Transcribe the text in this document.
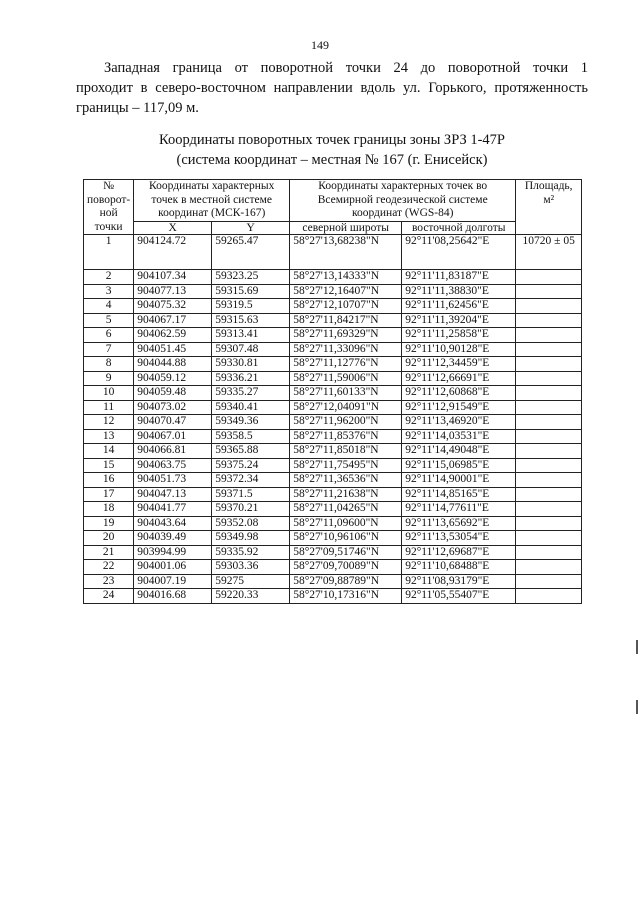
149
Западная граница от поворотной точки 24 до поворотной точки 1
проходит в северо-восточном направлении вдоль ул. Горького, протяженность
границы – 117,09 м.
Координаты поворотных точек границы зоны ЗРЗ 1-47Р
(система координат – местная № 167 (г. Енисейск)
№ поворот-ной точки	Координаты характерных точек в местной системе координат (МСК-167)		Координаты характерных точек во Всемирной геодезической системе координат (WGS-84)		Площадь, м²
	X	Y	северной широты	восточной долготы	
1	904124.72	59265.47	58°27'13,68238"N	92°11'08,25642"E	10720 ± 05
2	904107.34	59323.25	58°27'13,14333"N	92°11'11,83187"E	
3	904077.13	59315.69	58°27'12,16407"N	92°11'11,38830"E	
4	904075.32	59319.5	58°27'12,10707"N	92°11'11,62456"E	
5	904067.17	59315.63	58°27'11,84217"N	92°11'11,39204"E	
6	904062.59	59313.41	58°27'11,69329"N	92°11'11,25858"E	
7	904051.45	59307.48	58°27'11,33096"N	92°11'10,90128"E	
8	904044.88	59330.81	58°27'11,12776"N	92°11'12,34459"E	
9	904059.12	59336.21	58°27'11,59006"N	92°11'12,66691"E	
10	904059.48	59335.27	58°27'11,60133"N	92°11'12,60868"E	
11	904073.02	59340.41	58°27'12,04091"N	92°11'12,91549"E	
12	904070.47	59349.36	58°27'11,96200"N	92°11'13,46920"E	
13	904067.01	59358.5	58°27'11,85376"N	92°11'14,03531"E	
14	904066.81	59365.88	58°27'11,85018"N	92°11'14,49048"E	
15	904063.75	59375.24	58°27'11,75495"N	92°11'15,06985"E	
16	904051.73	59372.34	58°27'11,36536"N	92°11'14,90001"E	
17	904047.13	59371.5	58°27'11,21638"N	92°11'14,85165"E	
18	904041.77	59370.21	58°27'11,04265"N	92°11'14,77611"E	
19	904043.64	59352.08	58°27'11,09600"N	92°11'13,65692"E	
20	904039.49	59349.98	58°27'10,96106"N	92°11'13,53054"E	
21	903994.99	59335.92	58°27'09,51746"N	92°11'12,69687"E	
22	904001.06	59303.36	58°27'09,70089"N	92°11'10,68488"E	
23	904007.19	59275	58°27'09,88789"N	92°11'08,93179"E	
24	904016.68	59220.33	58°27'10,17316"N	92°11'05,55407"E	
